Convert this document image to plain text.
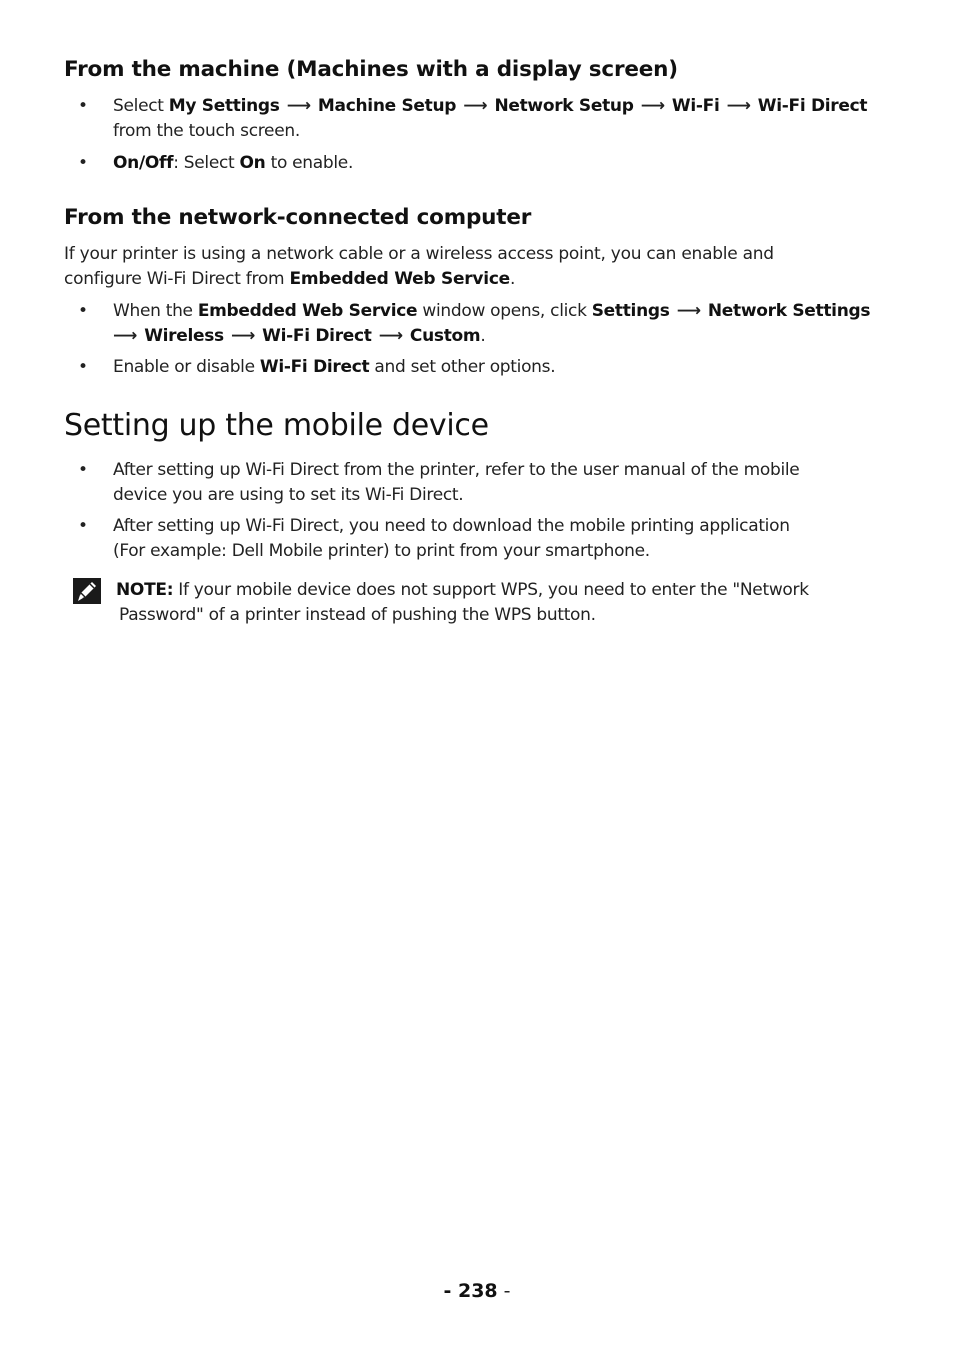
From the machine (Machines with a display screen)
• Select My Settings ⟶ Machine Setup ⟶ Network Setup ⟶ Wi-Fi ⟶ Wi-Fi Direct
from the touch screen.
• On/Off: Select On to enable.
From the network-connected computer
If your printer is using a network cable or a wireless access point, you can enable and
configure Wi-Fi Direct from Embedded Web Service.
• When the Embedded Web Service window opens, click Settings ⟶ Network Settings
⟶ Wireless ⟶ Wi-Fi Direct ⟶ Custom.
• Enable or disable Wi-Fi Direct and set other options.
Setting up the mobile device
• After setting up Wi-Fi Direct from the printer, refer to the user manual of the mobile
device you are using to set its Wi-Fi Direct.
• After setting up Wi-Fi Direct, you need to download the mobile printing application
(For example: Dell Mobile printer) to print from your smartphone.
NOTE: If your mobile device does not support WPS, you need to enter the "Network
Password" of a printer instead of pushing the WPS button.
- 238 -
